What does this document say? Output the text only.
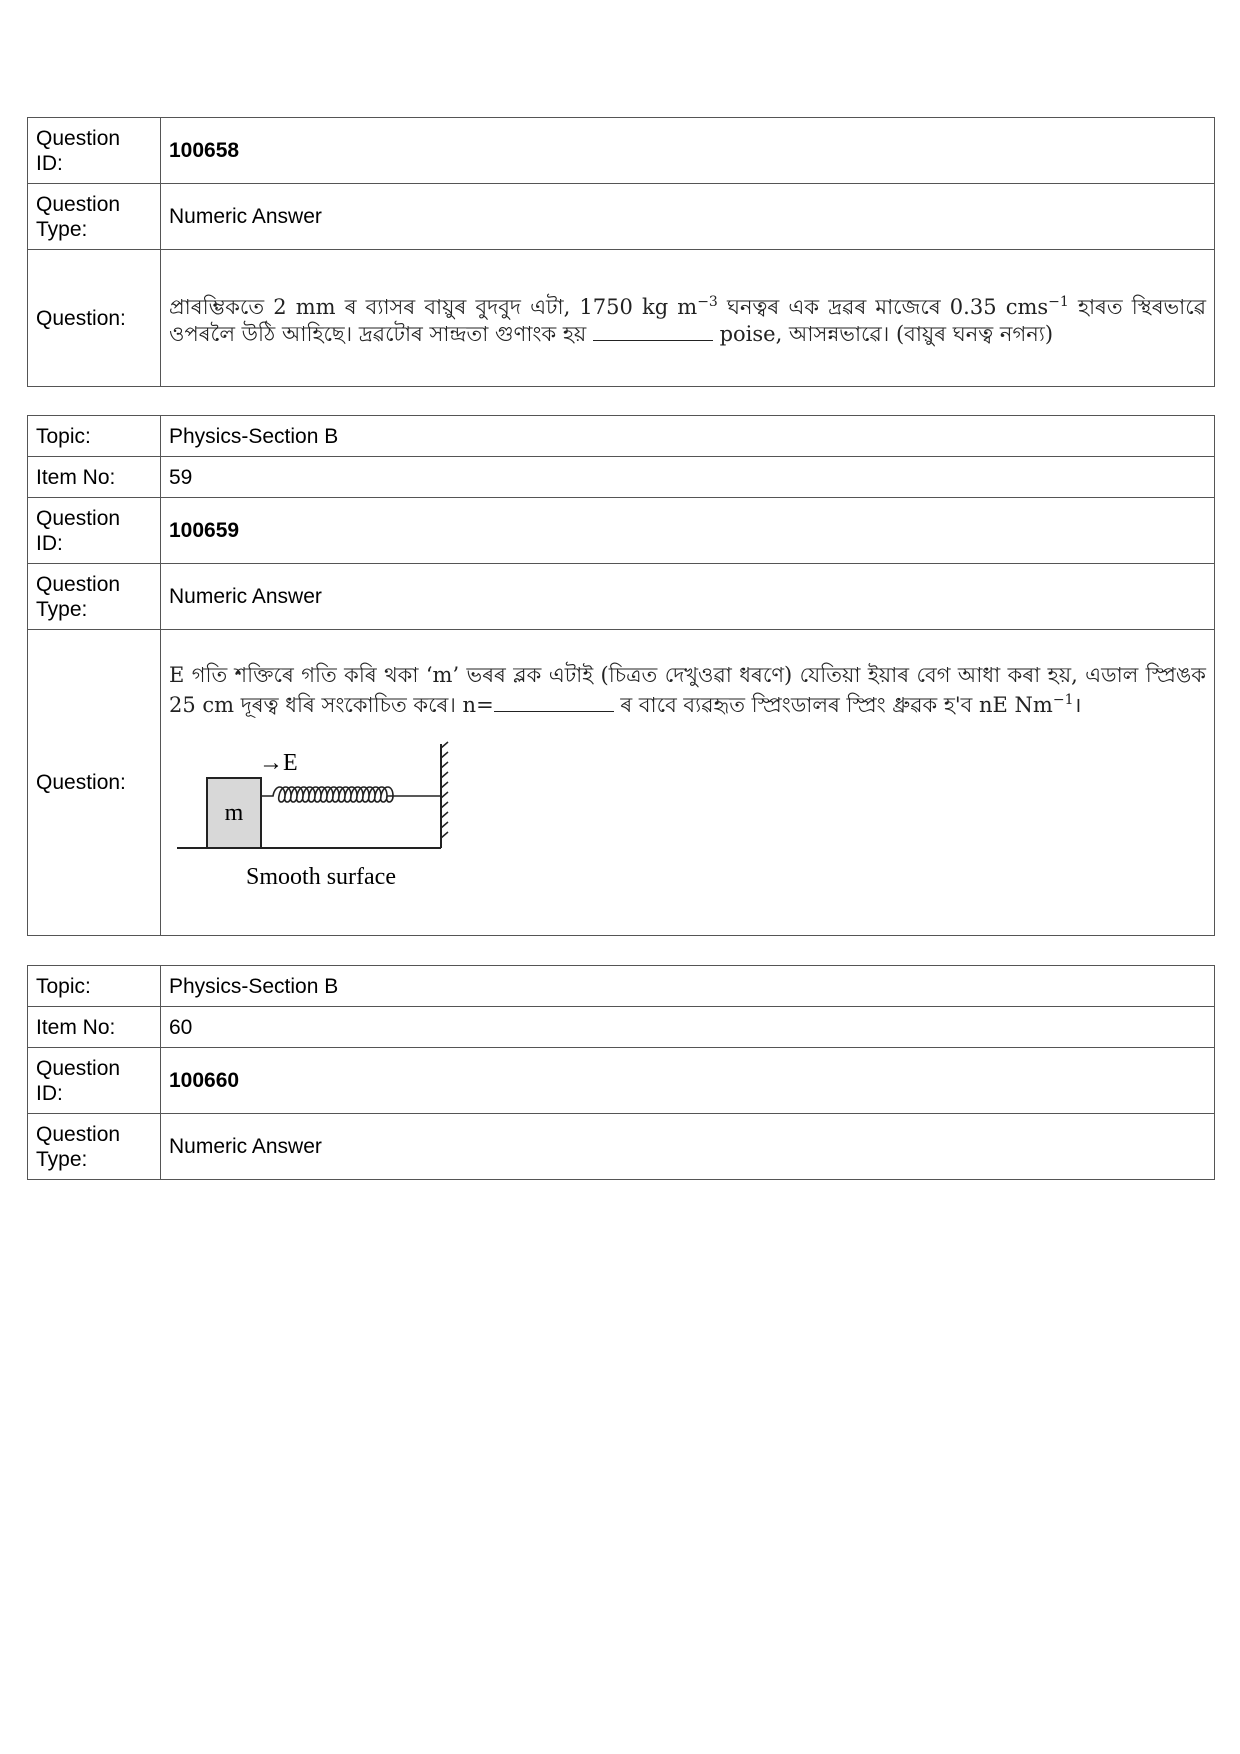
Question ID:	100658
Question Type:	Numeric Answer
Question:	প্ৰাৰম্ভিকতে 2 mm ৰ ব্যাসৰ বায়ুৰ বুদবুদ এটা, 1750 kg $m^{-3}$ ঘনত্বৰ এক দ্ৰৱৰ মাজেৰে 0.35 cms$^{-1}$ হাৰত স্থিৰভাৱে ওপৰলৈ উঠি আহিছে। দ্ৰৱটোৰ সান্দ্ৰতা গুণাংক হয় poise, আসন্নভাৱে। (বায়ুৰ ঘনত্ব নগন্য)
Topic:	Physics-Section B
Item No:	59
Question ID:	100659
Question Type:	Numeric Answer
Question:	E গতি শক্তিৰে গতি কৰি থকা ‘m’ ভৰৰ ব্লক এটাই (চিত্ৰত দেখুওৱা ধৰণে) যেতিয়া ইয়াৰ বেগ আধা কৰা হয়, এডাল স্প্ৰিঙক 25 cm দূৰত্ব ধৰি সংকোচিত কৰে। n= ৰ বাবে ব্যৱহৃত স্প্ৰিংডালৰ স্প্ৰিং ধ্ৰুৱক হ'ব nE $Nm^{-1}।$
m
→E
Smooth surface
Topic:	Physics-Section B
Item No:	60
Question ID:	100660
Question Type:	Numeric Answer
